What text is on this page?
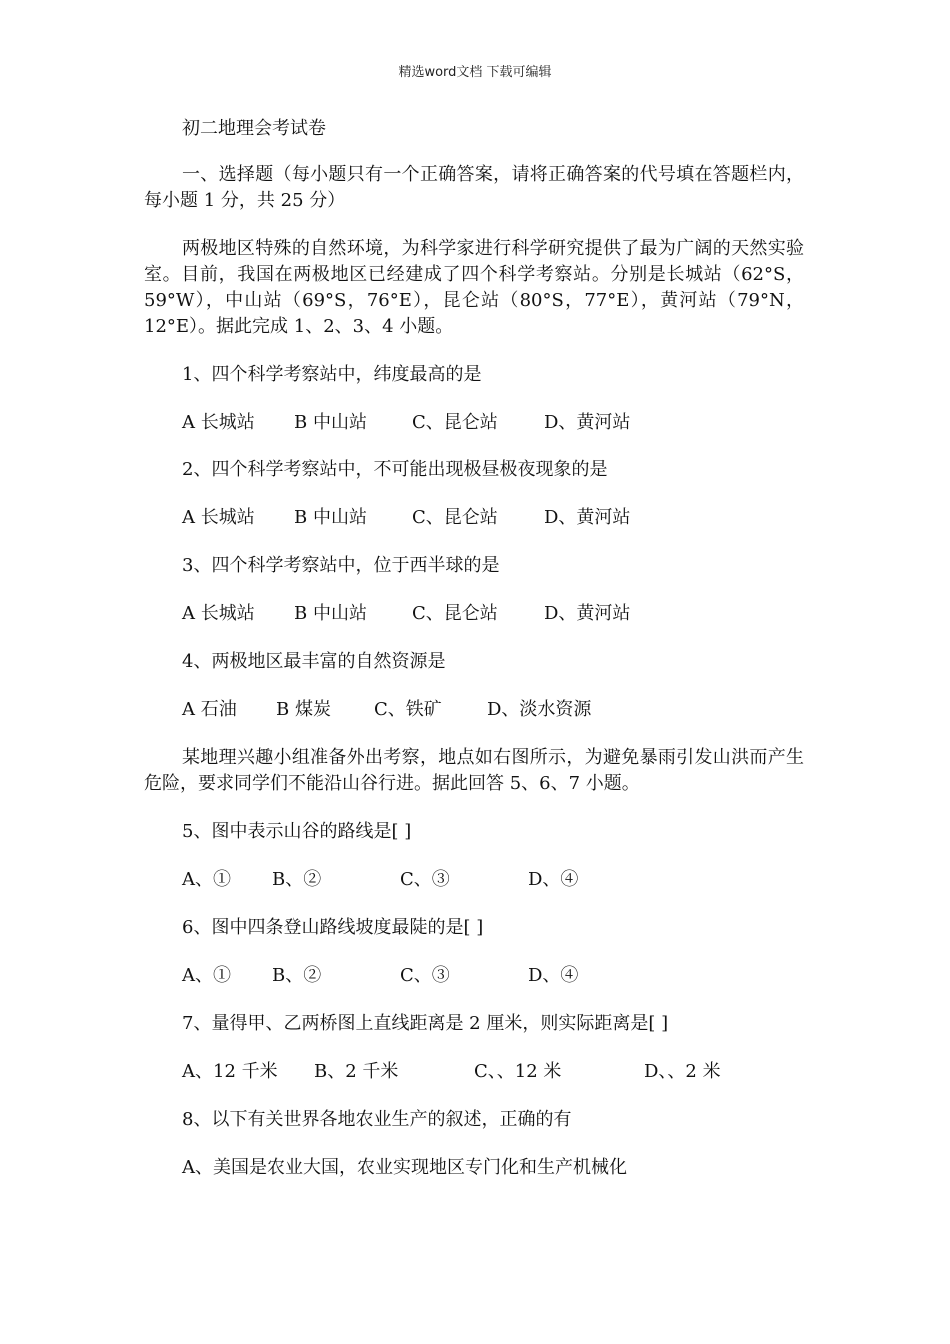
精选word文档 下载可编辑
初二地理会考试卷
一、选择题（每小题只有一个正确答案，请将正确答案的代号填在答题栏内，每小题 1 分，共 25 分）
两极地区特殊的自然环境，为科学家进行科学研究提供了最为广阔的天然实验室。目前，我国在两极地区已经建成了四个科学考察站。分别是长城站（62°S，59°W），中山站（69°S，76°E），昆仑站（80°S，77°E），黄河站（79°N，12°E）。据此完成 1、2、3、4 小题。
1、四个科学考察站中，纬度最高的是
A 长城站 B 中山站	C、昆仑站	D、黄河站
2、四个科学考察站中，不可能出现极昼极夜现象的是
A 长城站 B 中山站	C、昆仑站	D、黄河站
3、四个科学考察站中，位于西半球的是
A 长城站 B 中山站	C、昆仑站	D、黄河站
4、两极地区最丰富的自然资源是
A 石油 B 煤炭 C、铁矿	D、淡水资源
某地理兴趣小组准备外出考察，地点如右图所示，为避免暴雨引发山洪而产生危险，要求同学们不能沿山谷行进。据此回答 5、6、7 小题。
5、图中表示山谷的路线是[ ]
A、① B、②	C、③	D、④
6、图中四条登山路线坡度最陡的是[ ]
A、① B、②	C、③	D、④
7、量得甲、乙两桥图上直线距离是 2 厘米，则实际距离是[ ]
A、12 千米 B、2 千米	C、、12 米	D、、2 米
8、以下有关世界各地农业生产的叙述，正确的有
A、美国是农业大国，农业实现地区专门化和生产机械化
